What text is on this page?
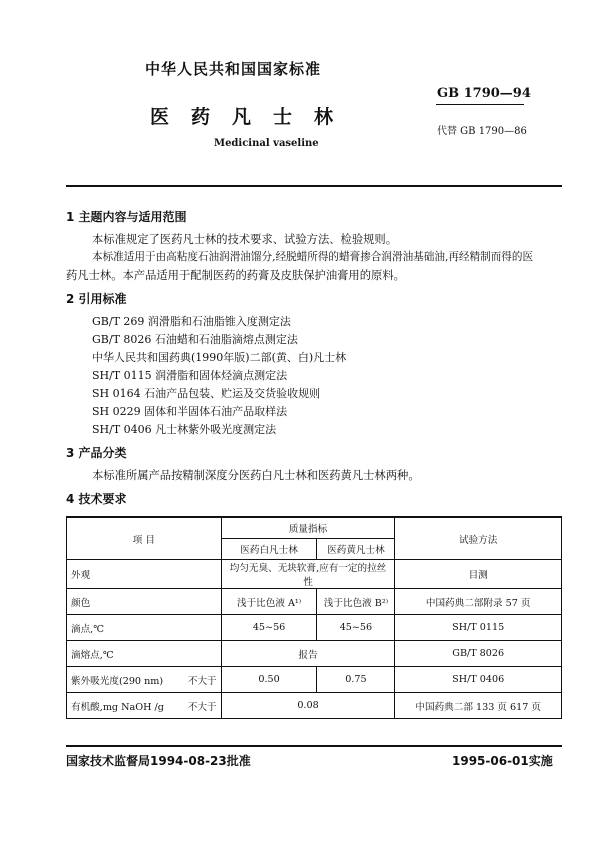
中华人民共和国国家标准
医药凡士林
GB 1790—94
代替 GB 1790—86
Medicinal vaseline
1 主题内容与适用范围
本标准规定了医药凡士林的技术要求、试验方法、检验规则。
本标准适用于由高粘度石油润滑油馏分,经脱蜡所得的蜡膏掺合润滑油基础油,再经精制而得的医
药凡士林。本产品适用于配制医药的药膏及皮肤保护油膏用的原料。
2 引用标准
GB/T 269 润滑脂和石油脂锥入度测定法
GB/T 8026 石油蜡和石油脂滴熔点测定法
中华人民共和国药典(1990年版)二部(黄、白)凡士林
SH/T 0115 润滑脂和固体烃滴点测定法
SH 0164 石油产品包装、贮运及交货验收规则
SH 0229 固体和半固体石油产品取样法
SH/T 0406 凡士林紫外吸光度测定法
3 产品分类
本标准所属产品按精制深度分医药白凡士林和医药黄凡士林两种。
4 技术要求
项 目	质量指标		试验方法
	医药白凡士林	医药黄凡士林	
外观	均匀无臭、无块软膏,应有一定的拉丝性		目测
颜色	浅于比色液 A¹⁾	浅于比色液 B²⁾	中国药典二部附录 57 页
滴点,℃	45~56	45~56	SH/T 0115
滴熔点,℃	报告		GB/T 8026
紫外吸光度(290 nm) 不大于	0.50	0.75	SH/T 0406
有机酸,mg NaOH /g 不大于	0.08		中国药典二部 133 页 617 页
国家技术监督局1994-08-23批准	1995-06-01实施
